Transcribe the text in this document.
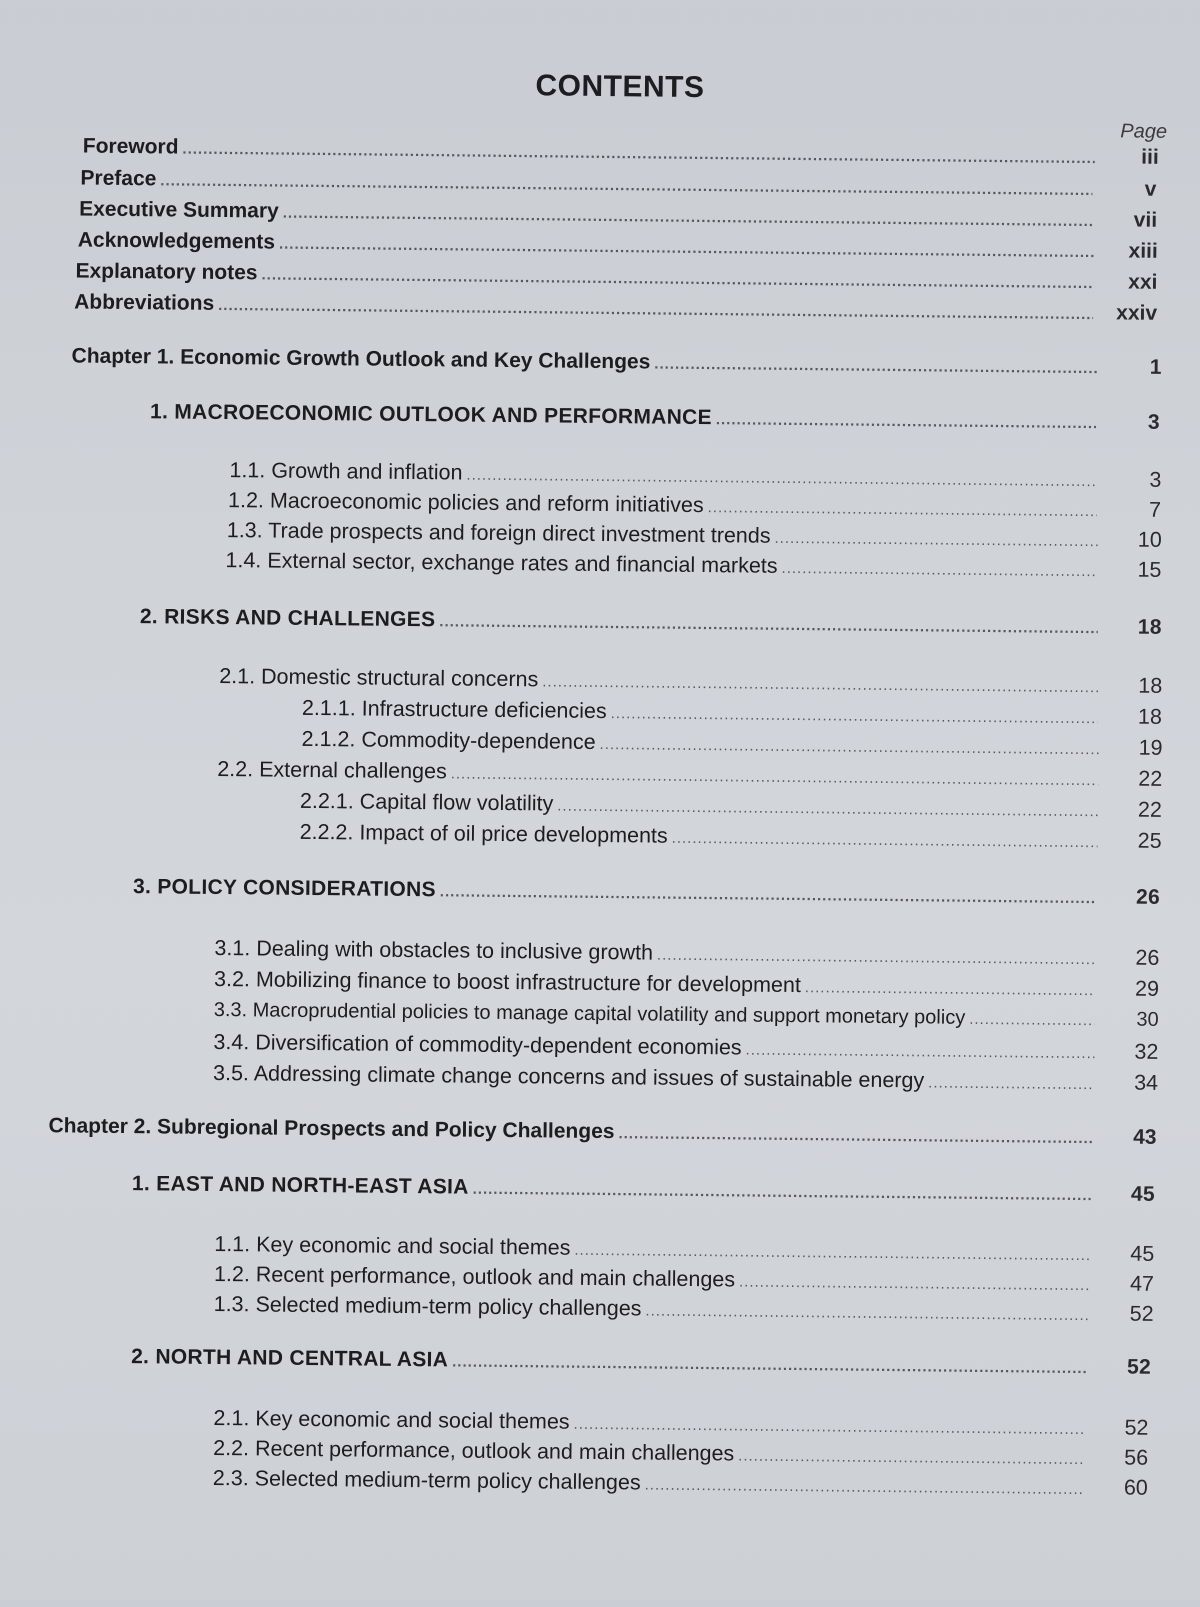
CONTENTS
Page
Foreword .....	iii
Preface .....	v
Executive Summary .....	vii
Acknowledgements .....	xiii
Explanatory notes .....	xxi
Abbreviations .....	xxiv
Chapter 1. Economic Growth Outlook and Key Challenges .....	1
1. MACROECONOMIC OUTLOOK AND PERFORMANCE .....	3
1.1. Growth and inflation .....	3
1.2. Macroeconomic policies and reform initiatives .....	7
1.3. Trade prospects and foreign direct investment trends .....	10
1.4. External sector, exchange rates and financial markets .....	15
2. RISKS AND CHALLENGES .....	18
2.1. Domestic structural concerns .....	18
2.1.1. Infrastructure deficiencies .....	18
2.1.2. Commodity-dependence .....	19
2.2. External challenges .....	22
2.2.1. Capital flow volatility .....	22
2.2.2. Impact of oil price developments .....	25
3. POLICY CONSIDERATIONS .....	26
3.1. Dealing with obstacles to inclusive growth .....	26
3.2. Mobilizing finance to boost infrastructure for development .....	29
3.3. Macroprudential policies to manage capital volatility and support monetary policy .....	30
3.4. Diversification of commodity-dependent economies .....	32
3.5. Addressing climate change concerns and issues of sustainable energy .....	34
Chapter 2. Subregional Prospects and Policy Challenges .....	43
1. EAST AND NORTH-EAST ASIA .....	45
1.1. Key economic and social themes .....	45
1.2. Recent performance, outlook and main challenges .....	47
1.3. Selected medium-term policy challenges .....	52
2. NORTH AND CENTRAL ASIA .....	52
2.1. Key economic and social themes .....	52
2.2. Recent performance, outlook and main challenges .....	56
2.3. Selected medium-term policy challenges .....	60
